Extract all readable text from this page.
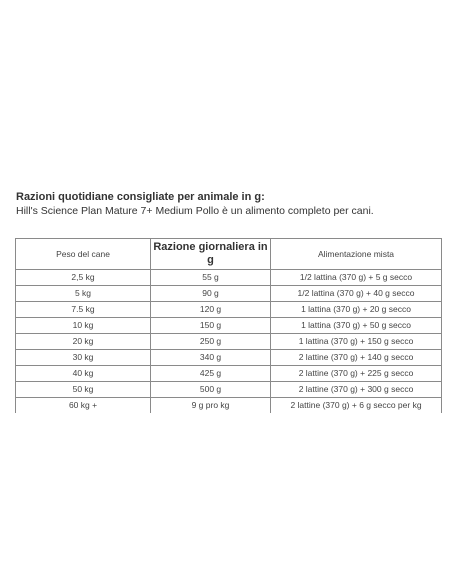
Razioni quotidiane consigliate per animale in g:

Hill's Science Plan Mature 7+ Medium Pollo è un alimento completo per cani.

Peso del cane	Razione giornaliera in g	Alimentazione mista
2,5 kg	55 g	1/2 lattina (370 g) + 5 g secco
5 kg	90 g	1/2 lattina (370 g) + 40 g secco
7.5 kg	120 g	1 lattina (370 g) + 20 g secco
10 kg	150 g	1 lattina (370 g) + 50 g secco
20 kg	250 g	1 lattina (370 g) + 150 g secco
30 kg	340 g	2 lattine (370 g) + 140 g secco
40 kg	425 g	2 lattine (370 g) + 225 g secco
50 kg	500 g	2 lattine (370 g) + 300 g secco
60 kg +	9 g pro kg	2 lattine (370 g) + 6 g secco per kg
